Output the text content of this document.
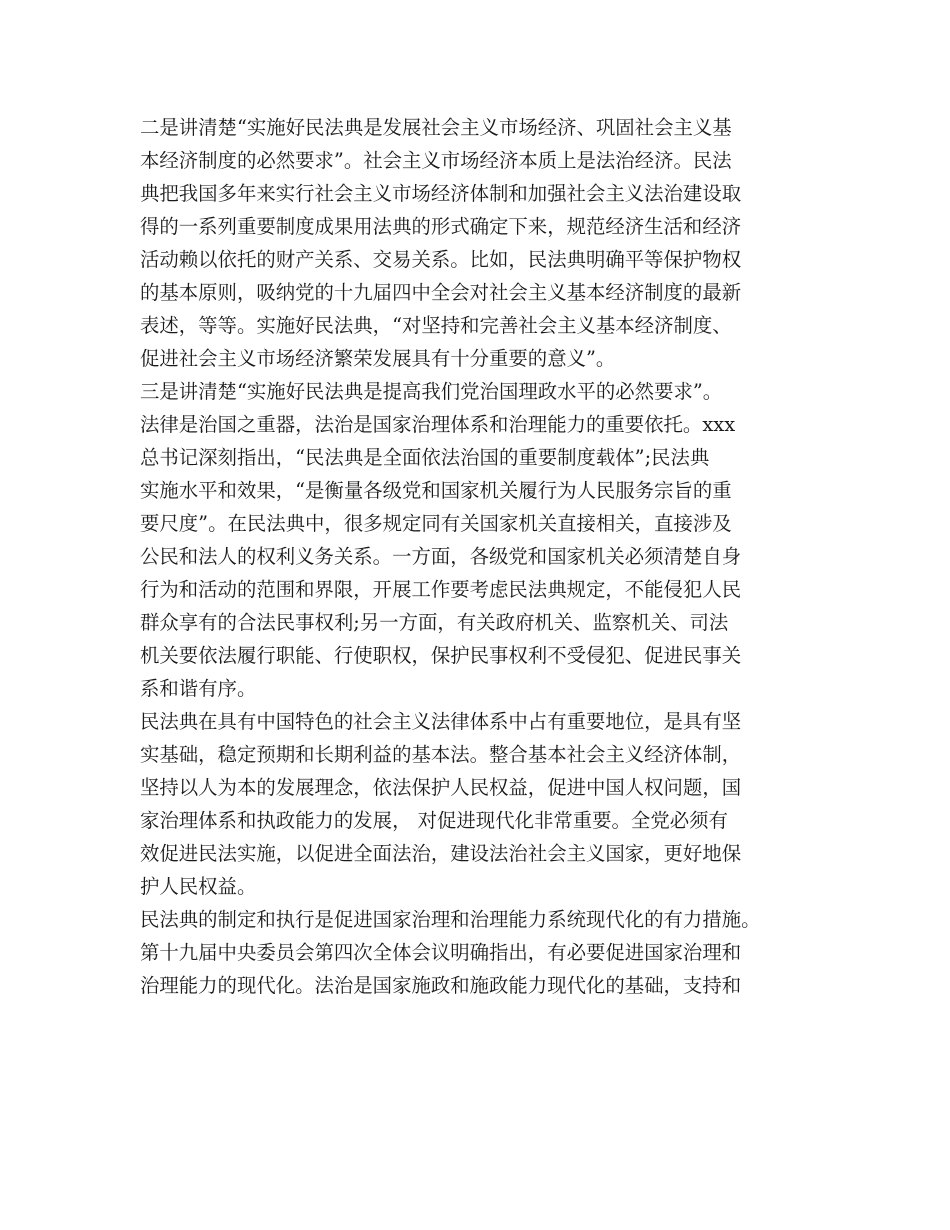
二是讲清楚“实施好民法典是发展社会主义市场经济、巩固社会主义基
本经济制度的必然要求”。社会主义市场经济本质上是法治经济。民法
典把我国多年来实行社会主义市场经济体制和加强社会主义法治建设取
得的一系列重要制度成果用法典的形式确定下来，规范经济生活和经济
活动赖以依托的财产关系、交易关系。比如，民法典明确平等保护物权
的基本原则，吸纳党的十九届四中全会对社会主义基本经济制度的最新
表述，等等。实施好民法典，“对坚持和完善社会主义基本经济制度、
促进社会主义市场经济繁荣发展具有十分重要的意义”。
三是讲清楚“实施好民法典是提高我们党治国理政水平的必然要求”。
法律是治国之重器，法治是国家治理体系和治理能力的重要依托。xxx
总书记深刻指出，“民法典是全面依法治国的重要制度载体”;民法典
实施水平和效果，“是衡量各级党和国家机关履行为人民服务宗旨的重
要尺度”。在民法典中，很多规定同有关国家机关直接相关，直接涉及
公民和法人的权利义务关系。一方面，各级党和国家机关必须清楚自身
行为和活动的范围和界限，开展工作要考虑民法典规定，不能侵犯人民
群众享有的合法民事权利;另一方面，有关政府机关、监察机关、司法
机关要依法履行职能、行使职权，保护民事权利不受侵犯、促进民事关
系和谐有序。
民法典在具有中国特色的社会主义法律体系中占有重要地位，是具有坚
实基础，稳定预期和长期利益的基本法。整合基本社会主义经济体制，
坚持以人为本的发展理念，依法保护人民权益，促进中国人权问题，国
家治理体系和执政能力的发展， 对促进现代化非常重要。全党必须有
效促进民法实施，以促进全面法治，建设法治社会主义国家，更好地保
护人民权益。
民法典的制定和执行是促进国家治理和治理能力系统现代化的有力措施。
第十九届中央委员会第四次全体会议明确指出，有必要促进国家治理和
治理能力的现代化。法治是国家施政和施政能力现代化的基础，支持和
